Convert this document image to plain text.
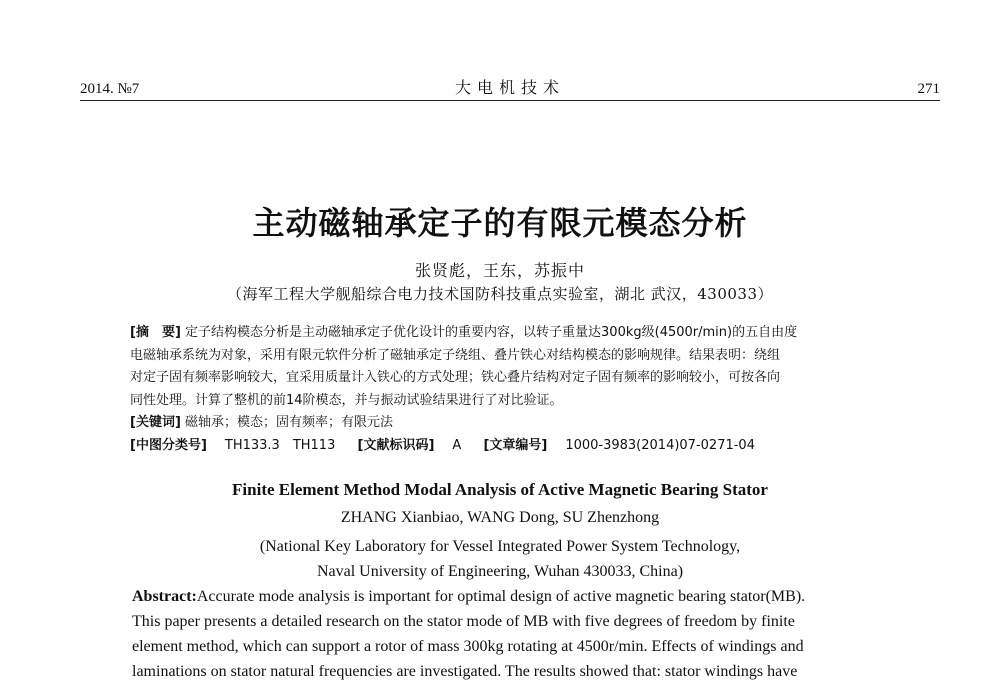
2014. №7	大电机技术	271
主动磁轴承定子的有限元模态分析
张贤彪，王东，苏振中
（海军工程大学舰船综合电力技术国防科技重点实验室，湖北 武汉，430033）
[摘　要] 定子结构模态分析是主动磁轴承定子优化设计的重要内容，以转子重量达300kg级(4500r/min)的五自由度
电磁轴承系统为对象，采用有限元软件分析了磁轴承定子绕组、叠片铁心对结构模态的影响规律。结果表明：绕组
对定子固有频率影响较大，宜采用质量计入铁心的方式处理；铁心叠片结构对定子固有频率的影响较小，可按各向
同性处理。计算了整机的前14阶模态，并与振动试验结果进行了对比验证。
[关键词] 磁轴承；模态；固有频率；有限元法
[中图分类号] TH133.3　TH113 [文献标识码] A [文章编号] 1000-3983(2014)07-0271-04
Finite Element Method Modal Analysis of Active Magnetic Bearing Stator
ZHANG Xianbiao, WANG Dong, SU Zhenzhong
(National Key Laboratory for Vessel Integrated Power System Technology,
Naval University of Engineering, Wuhan 430033, China)
Abstract:Accurate mode analysis is important for optimal design of active magnetic bearing stator(MB).
This paper presents a detailed research on the stator mode of MB with five degrees of freedom by finite
element method, which can support a rotor of mass 300kg rotating at 4500r/min. Effects of windings and
laminations on stator natural frequencies are investigated. The results showed that: stator windings have
